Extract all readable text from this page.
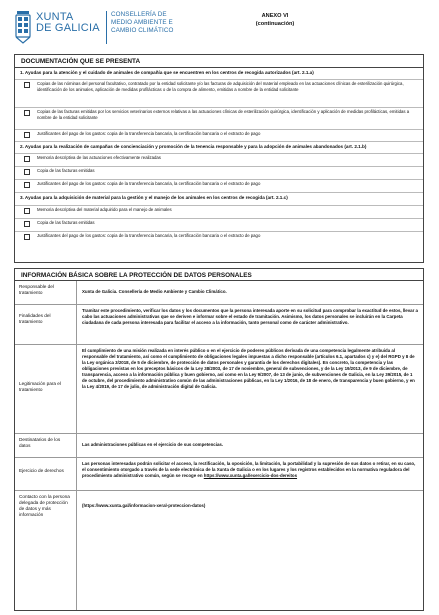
XUNTA
DE GALICIA
CONSELLERÍA DE
MEDIO AMBIENTE E
CAMBIO CLIMÁTICO
ANEXO VI
(continuación)
DOCUMENTACIÓN QUE SE PRESENTA
1. Ayudas para la atención y el cuidado de animales de compañía que se encuentren en los centros de recogida autorizados (art. 2.1.a)
Copias de las nóminas del personal facultativo, contratado por la entidad solicitante y/o las facturas de adquisición del material empleado en las actuaciones clínicas de esterilización quirúrgica, identificación de los animales, aplicación de medidas profilácticas o de la compra de alimento, emitidas a nombre de la entidad solicitante
Copias de las facturas emitidas por los servicios veterinarios externos relativas a las actuaciones clínicas de esterilización quirúrgica, identificación y aplicación de medidas profilácticas, emitidas a nombre de la entidad solicitante
Justificantes del pago de los gastos: copia de la transferencia bancaria, la certificación bancaria o el extracto de pago
2. Ayudas para la realización de campañas de concienciación y promoción de la tenencia responsable y para la adopción de animales abandonados (art. 2.1.b)
Memoria descriptiva de las actuaciones efectivamente realizadas
Copia de las facturas emitidas
Justificantes del pago de los gastos: copia de la transferencia bancaria, la certificación bancaria o el extracto de pago
3. Ayudas para la adquisición de material para la gestión y el manejo de los animales en los centros de recogida (art. 2.1.c)
Memoria descriptiva del material adquirido para el manejo de animales
Copia de las facturas emitidas
Justificantes del pago de los gastos: copia de la transferencia bancaria, la certificación bancaria o el extracto de pago
INFORMACIÓN BÁSICA SOBRE LA PROTECCIÓN DE DATOS PERSONALES
Responsable del tratamiento	Xunta de Galicia. Consellería de Medio Ambiente y Cambio Climático.
Finalidades del tratamiento
Tramitar este procedimiento, verificar los datos y los documentos que la persona interesada aporte en su solicitud para comprobar la exactitud de estos, llevar a cabo las actuaciones administrativas que se deriven e informar sobre el estado de tramitación. Asimismo, los datos personales se incluirán en la Carpeta ciudadana de cada persona interesada para facilitar el acceso a la información, tanto personal como de carácter administrativo.
Legitimación para el tratamiento
El cumplimiento de una misión realizada en interés público o en el ejercicio de poderes públicos derivada de una competencia legalmente atribuida al responsable del tratamiento, así como el cumplimiento de obligaciones legales impuestas a dicho responsable (artículos 6.1, apartados c) y e) del RGPD y 8 de la Ley orgánica 3/2018, de 5 de diciembre, de protección de datos personales y garantía de los derechos digitales). En concreto, la competencia y las obligaciones previstas en los preceptos básicos de la Ley 38/2003, de 17 de noviembre, general de subvenciones, y de la Ley 19/2013, de 9 de diciembre, de transparencia, acceso a la información pública y buen gobierno, así como en la Ley 9/2007, de 13 de junio, de subvenciones de Galicia, en la Ley 39/2015, de 1 de octubre, del procedimiento administrativo común de las administraciones públicas, en la Ley 1/2016, de 18 de enero, de transparencia y buen gobierno, y en la Ley 4/2019, de 17 de julio, de administración digital de Galicia.
Destinatarios de los datos	Las administraciones públicas en el ejercicio de sus competencias.
Ejercicio de derechos
Las personas interesadas podrán solicitar el acceso, la rectificación, la oposición, la limitación, la portabilidad y la supresión de sus datos o retirar, en su caso, el consentimiento otorgado a través de la sede electrónica de la Xunta de Galicia o en los lugares y los registros establecidos en la normativa reguladora del procedimiento administrativo común, según se recoge en https://www.xunta.gal/exercicio-dos-dereitos
Contacto con la persona delegada de protección de datos y más información
(https://www.xunta.gal/informacion-xeral-proteccion-datos)
